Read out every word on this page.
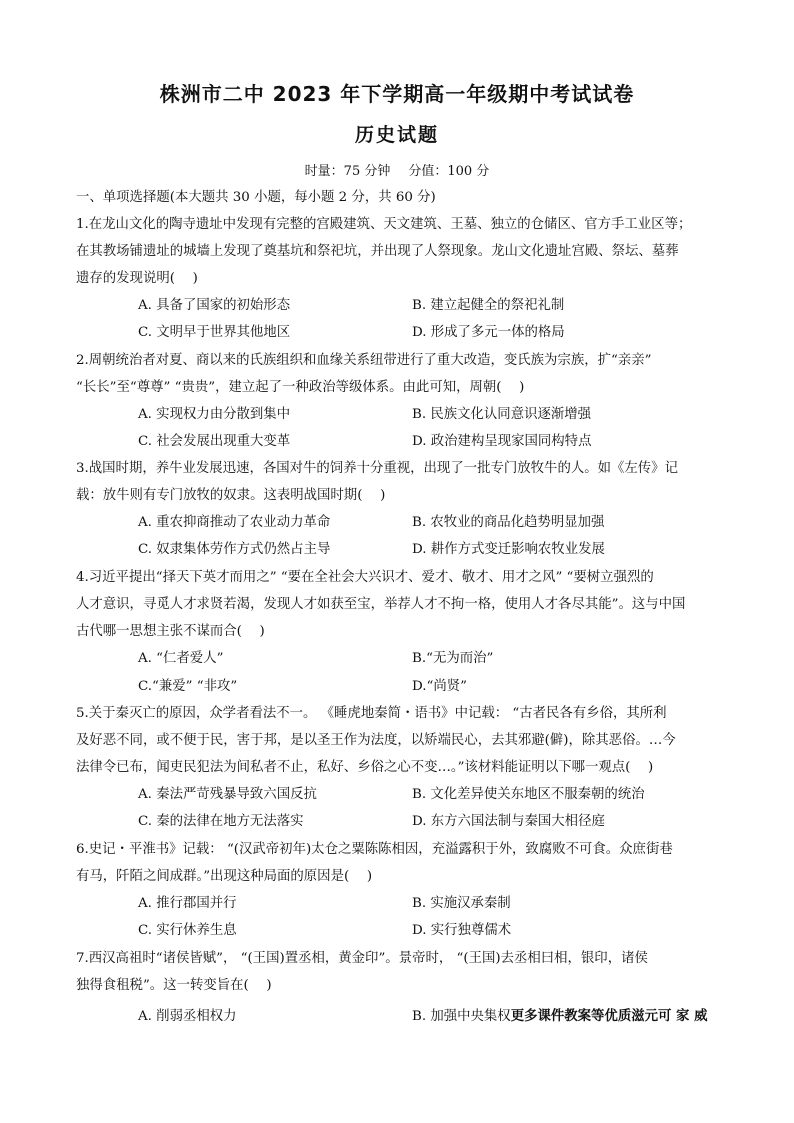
株洲市二中 2023 年下学期高一年级期中考试试卷
历史试题
时量：75 分钟 分值：100 分
一、单项选择题(本大题共 30 小题，每小题 2 分，共 60 分)
1.在龙山文化的陶寺遗址中发现有完整的宫殿建筑、天文建筑、王墓、独立的仓储区、官方手工业区等；
在其教场铺遗址的城墙上发现了奠基坑和祭祀坑，并出现了人祭现象。龙山文化遗址宫殿、祭坛、墓葬
遗存的发现说明(　 )
A. 具备了国家的初始形态	B. 建立起健全的祭祀礼制
C. 文明早于世界其他地区	D. 形成了多元一体的格局
2.周朝统治者对夏、商以来的氏族组织和血缘关系纽带进行了重大改造，变氏族为宗族，扩“亲亲”
“长长”至“尊尊” “贵贵”，建立起了一种政治等级体系。由此可知，周朝(　 )
A. 实现权力由分散到集中	B. 民族文化认同意识逐渐增强
C. 社会发展出现重大变革	D. 政治建构呈现家国同构特点
3.战国时期，养牛业发展迅速，各国对牛的饲养十分重视，出现了一批专门放牧牛的人。如《左传》记
载：放牛则有专门放牧的奴隶。这表明战国时期(　 )
A. 重农抑商推动了农业动力革命	B. 农牧业的商品化趋势明显加强
C. 奴隶集体劳作方式仍然占主导	D. 耕作方式变迁影响农牧业发展
4.习近平提出“择天下英才而用之” “要在全社会大兴识才、爱才、敬才、用才之风” “要树立强烈的
人才意识，寻觅人才求贤若渴，发现人才如获至宝，举荐人才不拘一格，使用人才各尽其能”。这与中国
古代哪一思想主张不谋而合(　 )
A. “仁者爱人”	B.“无为而治”
C.“兼爱” “非攻”	D.“尚贤”
5.关于秦灭亡的原因，众学者看法不一。 《睡虎地秦简・语书》中记载： “古者民各有乡俗，其所利
及好恶不同，或不便于民，害于邦，是以圣王作为法度，以矫端民心，去其邪避(僻)，除其恶俗。…今
法律令已布，闻吏民犯法为间私者不止，私好、乡俗之心不变…。”该材料能证明以下哪一观点(　 )
A. 秦法严苛残暴导致六国反抗	B. 文化差异使关东地区不服秦朝的统治
C. 秦的法律在地方无法落实	D. 东方六国法制与秦国大相径庭
6.史记・平淮书》记载： “(汉武帝初年)太仓之粟陈陈相因，充溢露积于外，致腐败不可食。众庶街巷
有马，阡陌之间成群。”出现这种局面的原因是(　 )
A. 推行郡国并行	B. 实施汉承秦制
C. 实行休养生息	D. 实行独尊儒术
7.西汉高祖时“诸侯皆赋”， “(王国)置丞相，黄金印”。景帝时， “(王国)去丞相曰相，银印，诸侯
独得食租税”。这一转变旨在(　 )
A. 削弱丞相权力	B. 加强中央集权更多课件教案等优质滋元可 家 威
